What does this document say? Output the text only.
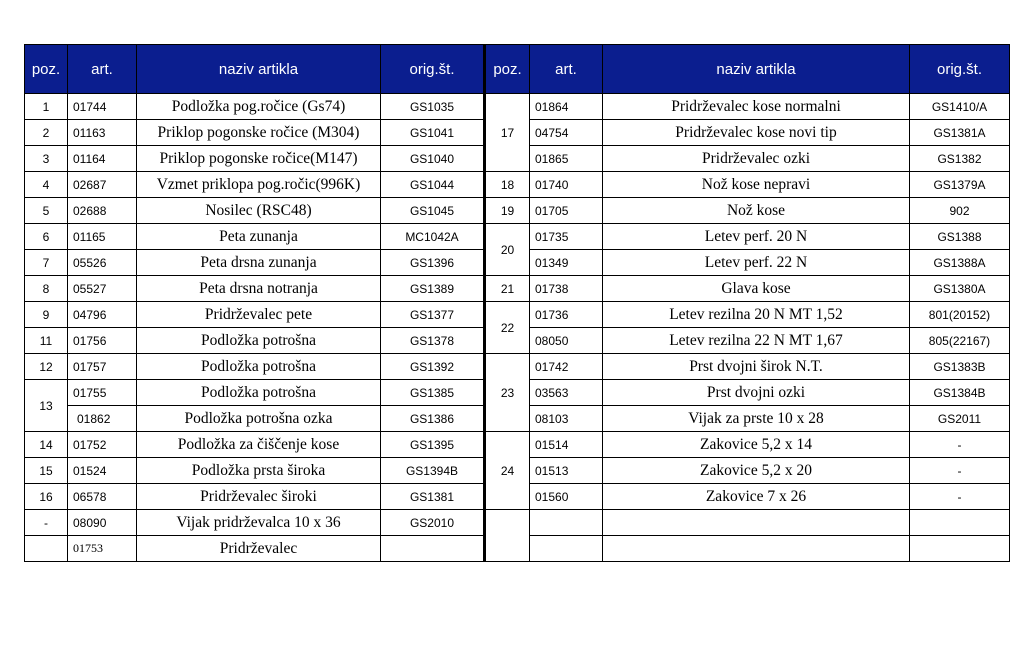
poz.	art.	naziv artikla	orig.št.	poz.	art.	naziv artikla	orig.št.
1	01744	Podložka pog.ročice (Gs74)	GS1035	17	01864	Pridrževalec kose normalni	GS1410/A
2	01163	Priklop pogonske ročice (M304)	GS1041		04754	Pridrževalec kose novi tip	GS1381A
3	01164	Priklop pogonske ročice(M147)	GS1040		01865	Pridrževalec ozki	GS1382
4	02687	Vzmet priklopa pog.ročic(996K)	GS1044	18	01740	Nož kose nepravi	GS1379A
5	02688	Nosilec (RSC48)	GS1045	19	01705	Nož kose	902
6	01165	Peta zunanja	MC1042A	20	01735	Letev perf. 20 N	GS1388
7	05526	Peta drsna zunanja	GS1396		01349	Letev perf. 22 N	GS1388A
8	05527	Peta drsna notranja	GS1389	21	01738	Glava kose	GS1380A
9	04796	Pridrževalec pete	GS1377	22	01736	Letev rezilna 20 N MT 1,52	801(20152)
11	01756	Podložka potrošna	GS1378		08050	Letev rezilna 22 N MT 1,67	805(22167)
12	01757	Podložka potrošna	GS1392	23	01742	Prst dvojni širok N.T.	GS1383B
13	01755	Podložka potrošna	GS1385		03563	Prst dvojni ozki	GS1384B
	01862	Podložka potrošna ozka	GS1386		08103	Vijak za prste 10 x 28	GS2011
14	01752	Podložka za čiščenje kose	GS1395	24	01514	Zakovice 5,2 x 14	-
15	01524	Podložka prsta široka	GS1394B		01513	Zakovice 5,2 x 20	-
16	06578	Pridrževalec široki	GS1381		01560	Zakovice 7 x 26	-
-	08090	Vijak pridrževalca 10 x 36	GS2010				
	01753	Pridrževalec					
